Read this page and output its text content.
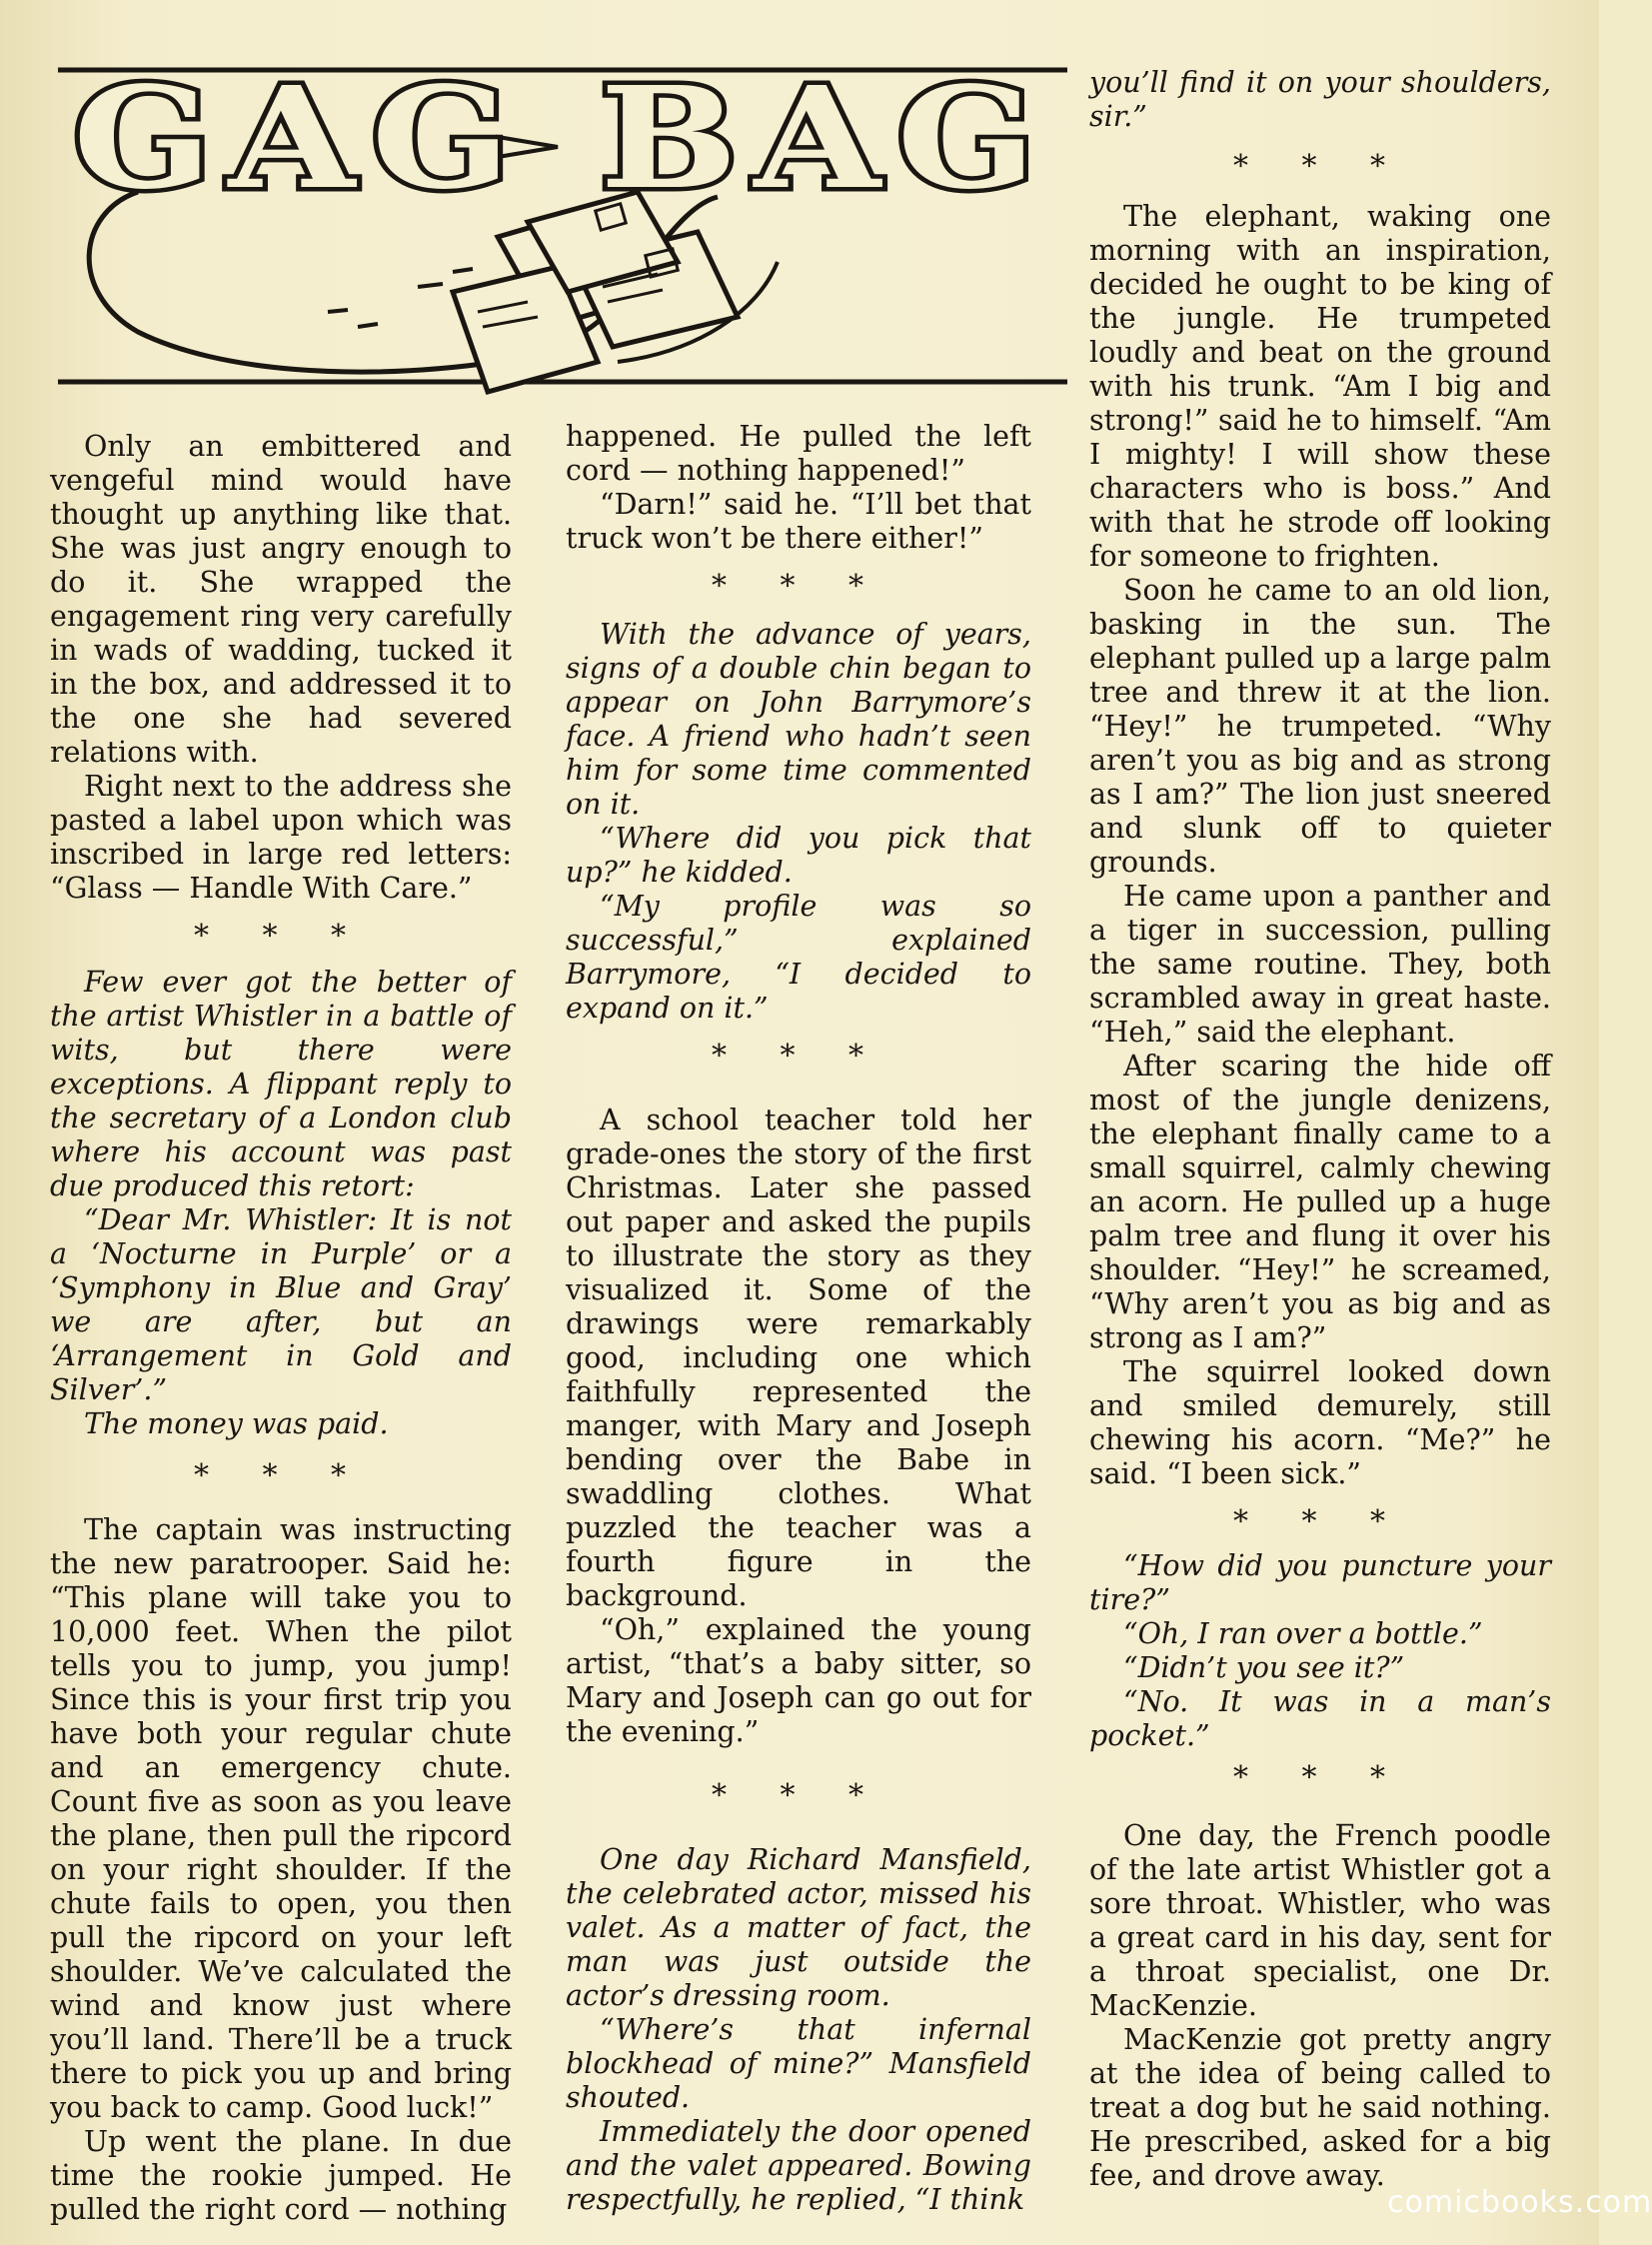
GAG BAG

Only an embittered and vengeful mind would have thought up anything like that. She was just angry enough to do it. She wrapped the engagement ring very carefully in wads of wadding, tucked it in the box, and addressed it to the one she had severed relations with.

Right next to the address she pasted a label upon which was inscribed in large red letters: “Glass — Handle With Care.”

* * *

Few ever got the better of the artist Whistler in a battle of wits, but there were exceptions. A flippant reply to the secretary of a London club where his account was past due produced this retort:

“Dear Mr. Whistler: It is not a ‘Nocturne in Purple’ or a ‘Symphony in Blue and Gray’ we are after, but an ‘Arrangement in Gold and Silver’.”

The money was paid.

* * *

The captain was instructing the new paratrooper. Said he: “This plane will take you to 10,000 feet. When the pilot tells you to jump, you jump! Since this is your first trip you have both your regular chute and an emergency chute. Count five as soon as you leave the plane, then pull the ripcord on your right shoulder. If the chute fails to open, you then pull the ripcord on your left shoulder. We’ve calculated the wind and know just where you’ll land. There’ll be a truck there to pick you up and bring you back to camp. Good luck!”

Up went the plane. In due time the rookie jumped. He pulled the right cord — nothing

happened. He pulled the left cord — nothing happened!”

“Darn!” said he. “I’ll bet that truck won’t be there either!”

* * *

With the advance of years, signs of a double chin began to appear on John Barrymore’s face. A friend who hadn’t seen him for some time commented on it.

“Where did you pick that up?” he kidded.

“My profile was so successful,” explained Barrymore, “I decided to expand on it.”

* * *

A school teacher told her grade-ones the story of the first Christmas. Later she passed out paper and asked the pupils to illustrate the story as they visualized it. Some of the drawings were remarkably good, including one which faithfully represented the manger, with Mary and Joseph bending over the Babe in swaddling clothes. What puzzled the teacher was a fourth figure in the background.

“Oh,” explained the young artist, “that’s a baby sitter, so Mary and Joseph can go out for the evening.”

* * *

One day Richard Mansfield, the celebrated actor, missed his valet. As a matter of fact, the man was just outside the actor’s dressing room.

“Where’s that infernal blockhead of mine?” Mansfield shouted.

Immediately the door opened and the valet appeared. Bowing respectfully, he replied, “I think

you’ll find it on your shoulders, sir.”

* * *

The elephant, waking one morning with an inspiration, decided he ought to be king of the jungle. He trumpeted loudly and beat on the ground with his trunk. “Am I big and strong!” said he to himself. “Am I mighty! I will show these characters who is boss.” And with that he strode off looking for someone to frighten.

Soon he came to an old lion, basking in the sun. The elephant pulled up a large palm tree and threw it at the lion. “Hey!” he trumpeted. “Why aren’t you as big and as strong as I am?” The lion just sneered and slunk off to quieter grounds.

He came upon a panther and a tiger in succession, pulling the same routine. They, both scrambled away in great haste. “Heh,” said the elephant.

After scaring the hide off most of the jungle denizens, the elephant finally came to a small squirrel, calmly chewing an acorn. He pulled up a huge palm tree and flung it over his shoulder. “Hey!” he screamed, “Why aren’t you as big and as strong as I am?”

The squirrel looked down and smiled demurely, still chewing his acorn. “Me?” he said. “I been sick.”

* * *

“How did you puncture your tire?”

“Oh, I ran over a bottle.”

“Didn’t you see it?”

“No. It was in a man’s pocket.”

* * *

One day, the French poodle of the late artist Whistler got a sore throat. Whistler, who was a great card in his day, sent for a throat specialist, one Dr. MacKenzie.

MacKenzie got pretty angry at the idea of being called to treat a dog but he said nothing. He prescribed, asked for a big fee, and drove away.

comicbooks.com
